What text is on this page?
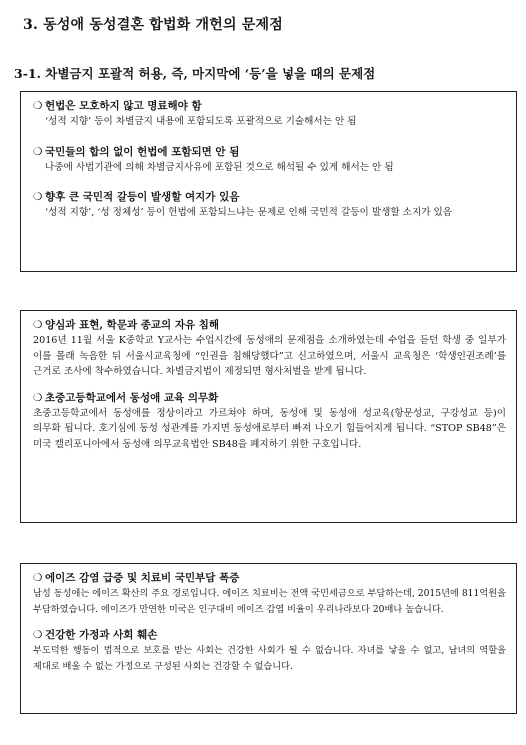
3. 동성애 동성결혼 합법화 개헌의 문제점
3-1. 차별금지 포괄적 허용, 즉, 마지막에 ‘등’을 넣을 때의 문제점
❍ 헌법은 모호하지 않고 명료해야 함
‘성적 지향’ 등이 차별금지 내용에 포함되도록 포괄적으로 기술해서는 안 됨
❍ 국민들의 합의 없이 헌법에 포함되면 안 됨
나중에 사법기관에 의해 차별금지사유에 포함된 것으로 해석될 수 있게 해서는 안 됨
❍ 향후 큰 국민적 갈등이 발생할 여지가 있음
‘성적 지향’, ‘성 정체성’ 등이 헌법에 포함되느냐는 문제로 인해 국민적 갈등이 발생할 소지가 있음
❍ 양심과 표현, 학문과 종교의 자유 침해
2016년 11월 서울 K중학교 Y교사는 수업시간에 동성애의 문제점을 소개하였는데 수업을 듣던 학생 중 일부가 이를 몰래 녹음한 뒤 서울시교육청에 “인권을 침해당했다”고 신고하였으며, 서울시 교육청은 ‘학생인권조례’를 근거로 조사에 착수하였습니다. 차별금지법이 제정되면 형사처벌을 받게 됩니다.
❍ 초중고등학교에서 동성애 교육 의무화
초중고등학교에서 동성애를 정상이라고 가르쳐야 하며, 동성애 및 동성애 성교육(항문성교, 구강성교 등)이 의무화 됩니다. 호기심에 동성 성관계를 가지면 동성애로부터 빠져 나오기 힘들어지게 됩니다. “STOP SB48”은 미국 캘리포니아에서 동성애 의무교육법안 SB48을 폐지하기 위한 구호입니다.
❍ 에이즈 감염 급증 및 치료비 국민부담 폭증
남성 동성애는 에이즈 확산의 주요 경로입니다. 에이즈 치료비는 전액 국민세금으로 부담하는데, 2015년에 811억원을 부담하였습니다. 에이즈가 만연한 미국은 인구대비 에이즈 감염 비율이 우리나라보다 20배나 높습니다.
❍ 건강한 가정과 사회 훼손
부도덕한 행동이 법적으로 보호를 받는 사회는 건강한 사회가 될 수 없습니다. 자녀를 낳을 수 없고, 남녀의 역할을 제대로 배울 수 없는 가정으로 구성된 사회는 건강할 수 없습니다.
